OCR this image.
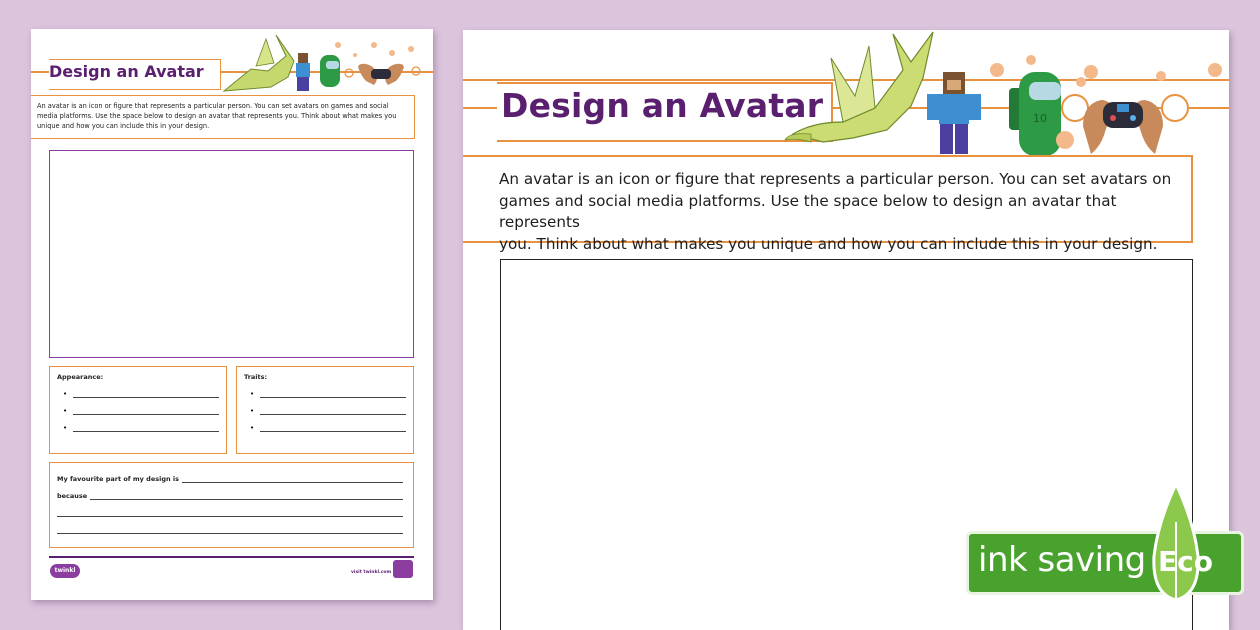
Design an Avatar
An avatar is an icon or figure that represents a particular person. You can set avatars on games and social media platforms. Use the space below to design an avatar that represents you. Think about what makes you unique and how you can include this in your design.
Appearance:
•
•
•
Traits:
•
•
•
My favourite part of my design is
because
twinkl	visit twinkl.com
Design an Avatar	10
An avatar is an icon or figure that represents a particular person. You can set avatars on
games and social media platforms. Use the space below to design an avatar that represents
you. Think about what makes you unique and how you can include this in your design.
ink saving Eco
